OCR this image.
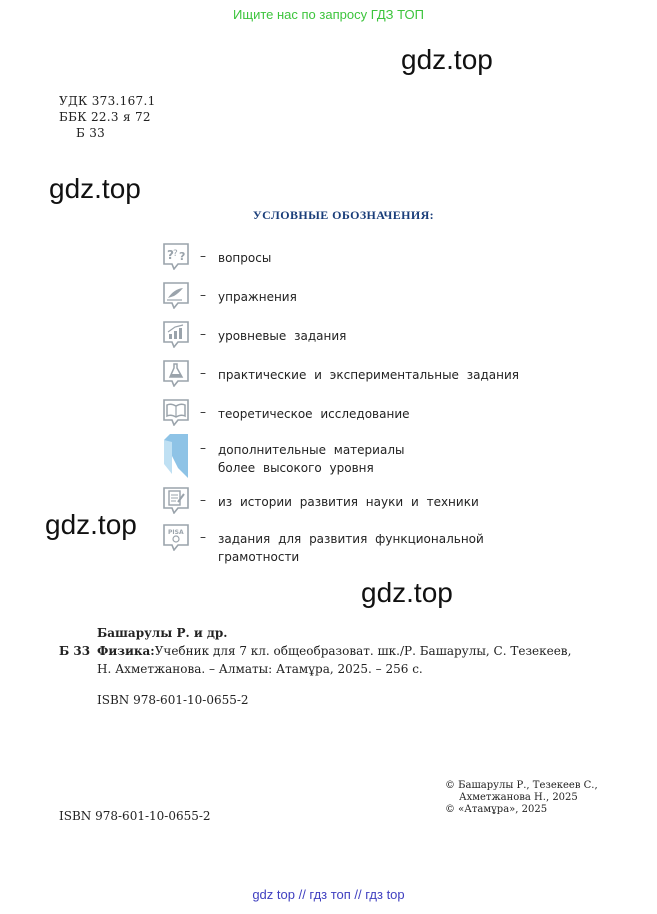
Ищите нас по запросу ГДЗ ТОП
gdz.top
gdz.top
gdz.top
gdz.top
УДК 373.167.1
ББК 22.3 я 72
Б 33
УСЛОВНЫЕ ОБОЗНАЧЕНИЯ:
? ? ? – вопросы
– упражнения
– уровневые задания
– практические и экспериментальные задания
– теоретическое исследование
– дополнительные материалы
более высокого уровня
– из истории развития науки и техники
PISA – задания для развития функциональной
грамотности
Башарулы Р. и др.
Б 33 Физика:Учебник для 7 кл. общеобразоват. шк./Р. Башарулы, С. Тезекеев,
Н. Ахметжанова. – Алматы: Атамұра, 2025. – 256 с.
ISBN 978-601-10-0655-2
© Башарулы Р., Тезекеев С.,
Ахметжанова Н., 2025
© «Атамұра», 2025
ISBN 978-601-10-0655-2
gdz top // гдз топ // гдз top
